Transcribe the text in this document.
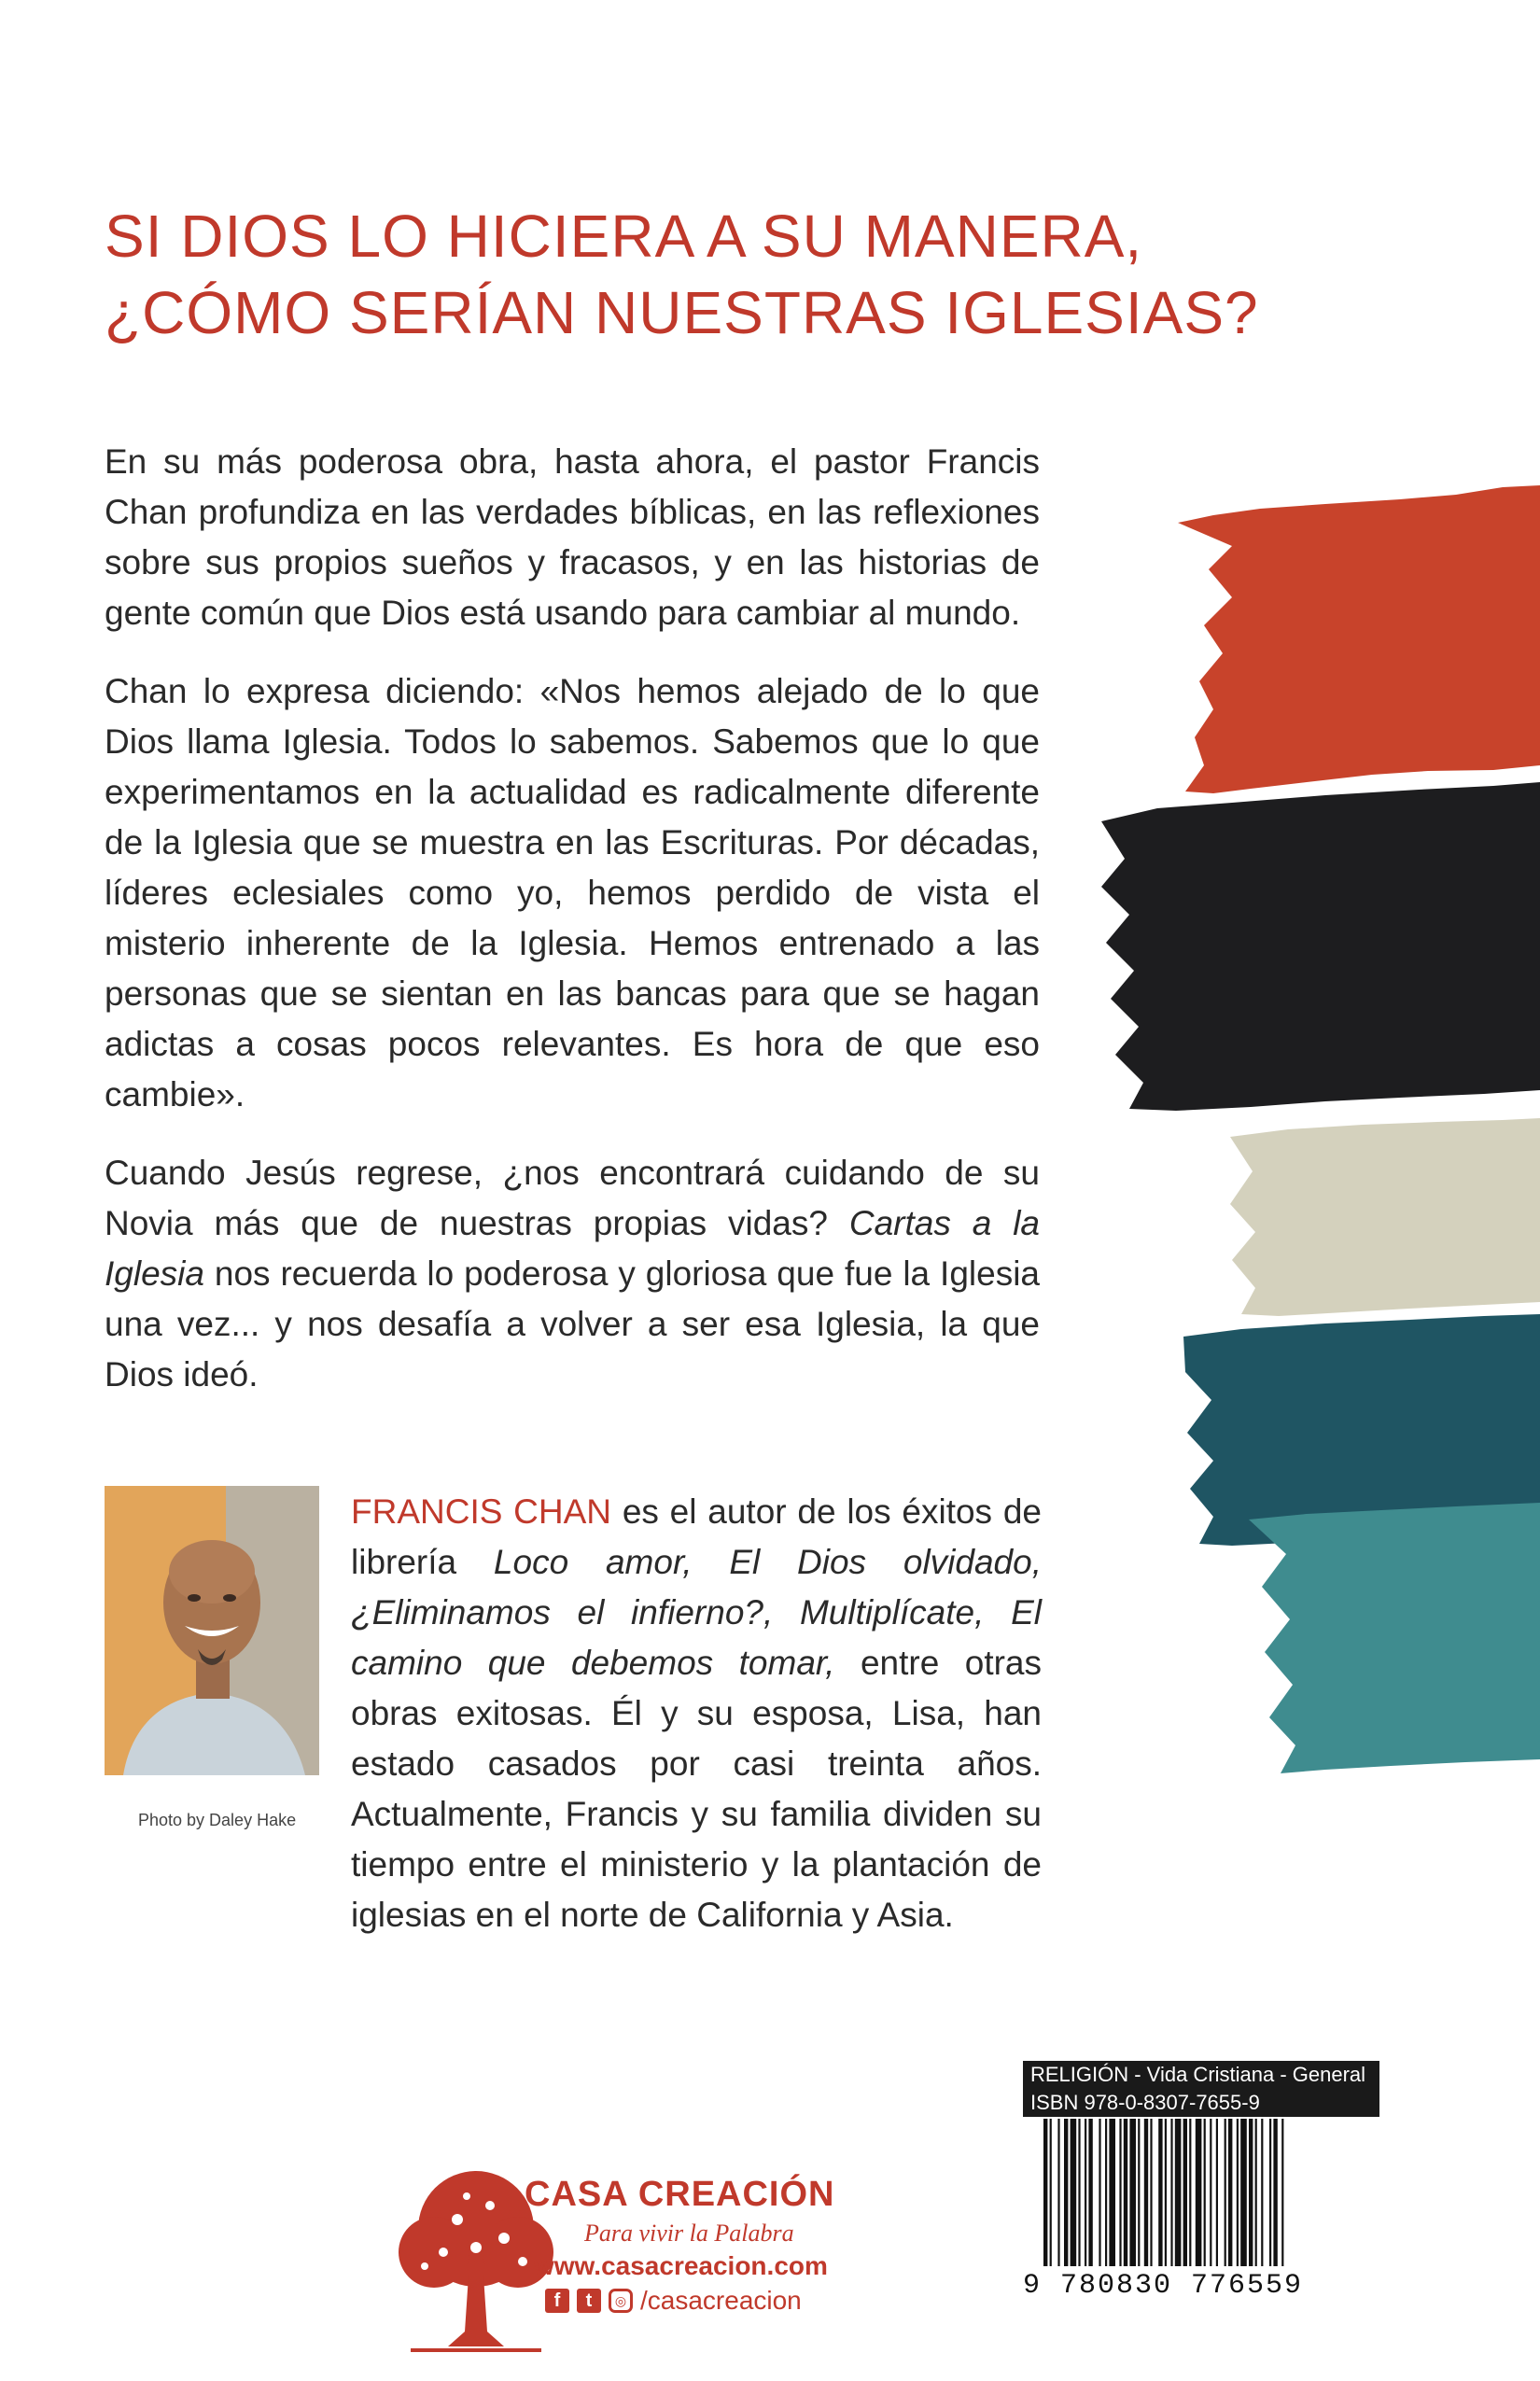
SI DIOS LO HICIERA A SU MANERA,
¿CÓMO SERÍAN NUESTRAS IGLESIAS?

En su más poderosa obra, hasta ahora, el pastor Francis Chan profundiza en las verdades bíblicas, en las reflexiones sobre sus propios sueños y fracasos, y en las historias de gente común que Dios está usando para cambiar al mundo.

Chan lo expresa diciendo: «Nos hemos alejado de lo que Dios llama Iglesia. Todos lo sabemos. Sabemos que lo que experimentamos en la actualidad es radicalmente diferente de la Iglesia que se muestra en las Escrituras. Por décadas, líderes eclesiales como yo, hemos perdido de vista el misterio inherente de la Iglesia. Hemos entrenado a las personas que se sientan en las bancas para que se hagan adictas a cosas pocos relevantes. Es hora de que eso cambie».

Cuando Jesús regrese, ¿nos encontrará cuidando de su Novia más que de nuestras propias vidas? Cartas a la Iglesia nos recuerda lo poderosa y gloriosa que fue la Iglesia una vez... y nos desafía a volver a ser esa Iglesia, la que Dios ideó.

Photo by Daley Hake
FRANCIS CHAN es el autor de los éxitos de librería Loco amor, El Dios olvidado, ¿Eliminamos el infierno?, Multiplícate, El camino que debemos tomar, entre otras obras exitosas. Él y su esposa, Lisa, han estado casados por casi treinta años. Actualmente, Francis y su familia dividen su tiempo entre el ministerio y la plantación de iglesias en el norte de California y Asia.
CASA CREACIÓN
Para vivir la Palabra
www.casacreacion.com
f	t	◎ /casacreacion
RELIGIÓN - Vida Cristiana - General
ISBN 978-0-8307-7655-9
9 780830 776559
